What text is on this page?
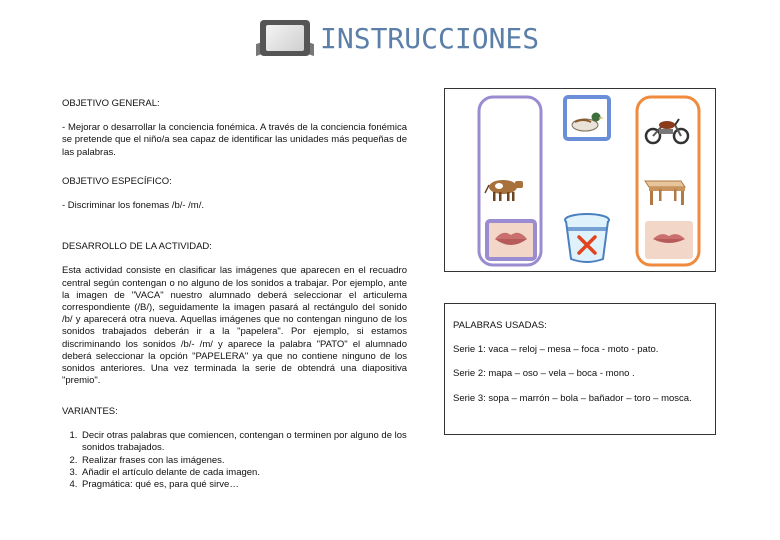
INSTRUCCIONES

OBJETIVO GENERAL:

- Mejorar o desarrollar la conciencia fonémica. A través de la conciencia fonémica se pretende que el niño/a sea capaz de identificar las unidades más pequeñas de las palabras.

OBJETIVO ESPECÍFICO:

- Discriminar los fonemas /b/- /m/.

DESARROLLO DE LA ACTIVIDAD:

Esta actividad consiste en clasificar las imágenes que aparecen en el recuadro central según contengan o no alguno de los sonidos a trabajar. Por ejemplo, ante la imagen de "VACA" nuestro alumnado deberá seleccionar el articulema correspondiente (/B/), seguidamente la imagen pasará al rectángulo del sonido /b/ y aparecerá otra nueva. Aquellas imágenes que no contengan ninguno de los sonidos trabajados deberán ir a la "papelera". Por ejemplo, si estamos discriminando los sonidos /b/- /m/ y aparece la palabra "PATO" el alumnado deberá seleccionar la opción "PAPELERA" ya que no contiene ninguno de los sonidos anteriores. Una vez terminada la serie de obtendrá una diapositiva "premio".

VARIANTES:

1. Decir otras palabras que comiencen, contengan o terminen por alguno de los sonidos trabajados.
2. Realizar frases con las imágenes.
3. Añadir el artículo delante de cada imagen.
4. Pragmática: qué es, para qué sirve…

PALABRAS USADAS:

Serie 1: vaca – reloj – mesa – foca - moto - pato.

Serie 2: mapa – oso – vela – boca - mono .

Serie 3: sopa – marrón – bola – bañador – toro – mosca.
